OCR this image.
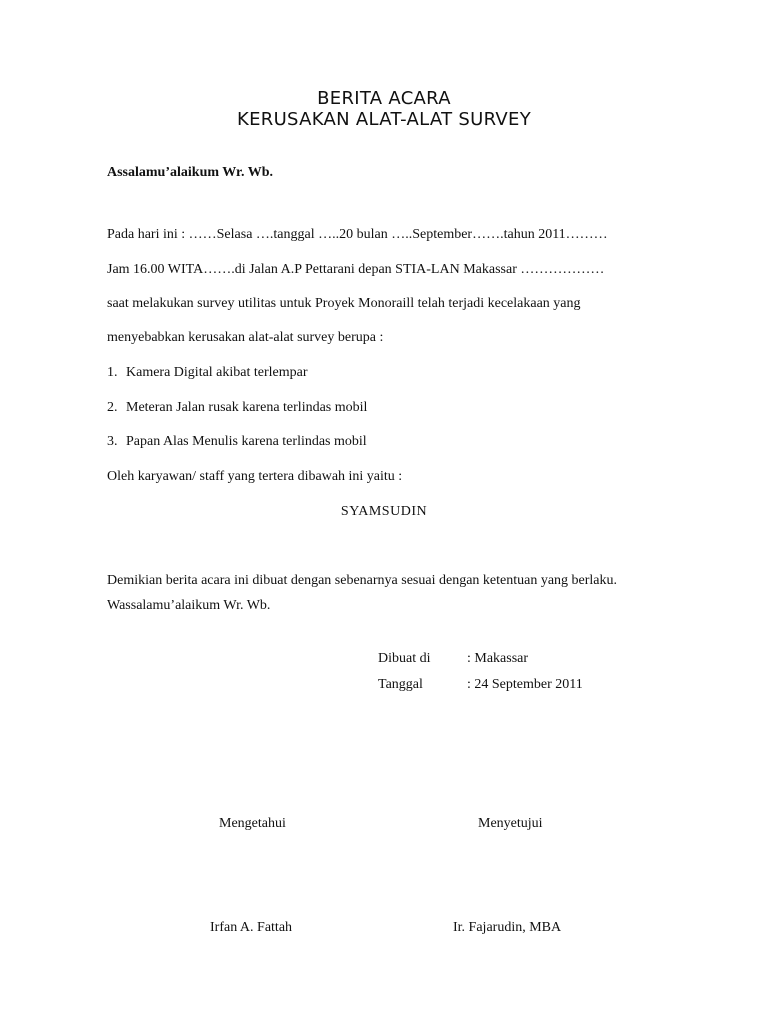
BERITA ACARA
KERUSAKAN ALAT-ALAT SURVEY
Assalamu’alaikum Wr. Wb.
Pada hari ini : ……Selasa ….tanggal …..20 bulan …..September…….tahun 2011………
Jam 16.00 WITA…….di Jalan A.P Pettarani depan STIA-LAN Makassar ………………
saat melakukan survey utilitas untuk Proyek Monoraill telah terjadi kecelakaan yang
menyebabkan kerusakan alat-alat survey berupa :
1. Kamera Digital akibat terlempar
2. Meteran Jalan rusak karena terlindas mobil
3. Papan Alas Menulis karena terlindas mobil
Oleh karyawan/ staff yang tertera dibawah ini yaitu :
SYAMSUDIN
Demikian berita acara ini dibuat dengan sebenarnya sesuai dengan ketentuan yang berlaku.
Wassalamu’alaikum Wr. Wb.
Dibuat di	: Makassar
Tanggal	: 24 September 2011
Mengetahui	Menyetujui
Irfan A. Fattah	Ir. Fajarudin, MBA
